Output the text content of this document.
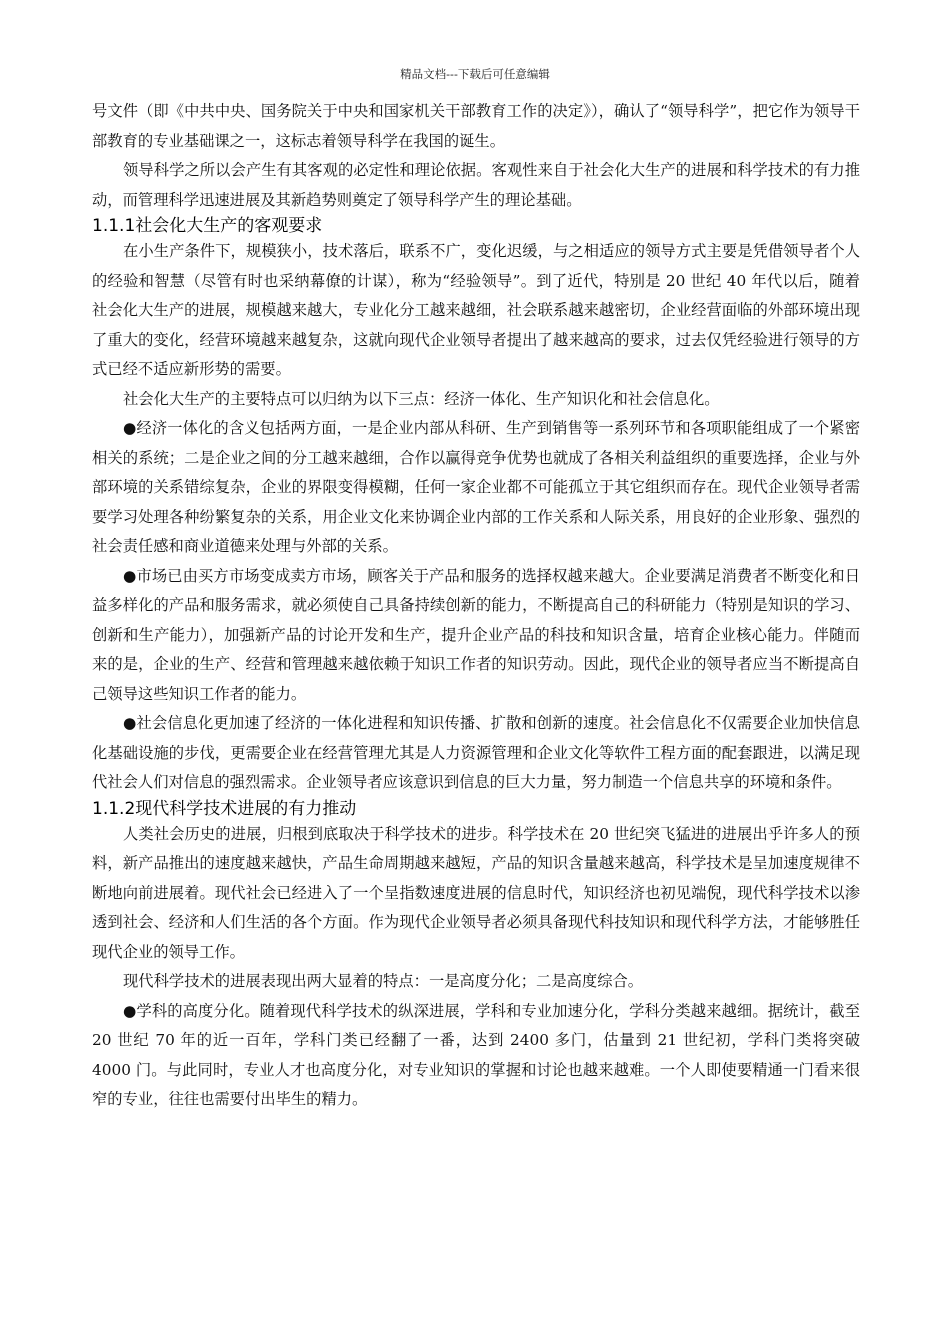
精品文档---下载后可任意编辑

号文件（即《中共中央、国务院关于中央和国家机关干部教育工作的决定》），确认了“领导科学”，把它作为领导干部教育的专业基础课之一，这标志着领导科学在我国的诞生。

领导科学之所以会产生有其客观的必定性和理论依据。客观性来自于社会化大生产的进展和科学技术的有力推动，而管理科学迅速进展及其新趋势则奠定了领导科学产生的理论基础。

1.1.1社会化大生产的客观要求

在小生产条件下，规模狭小，技术落后，联系不广，变化迟缓，与之相适应的领导方式主要是凭借领导者个人的经验和智慧（尽管有时也采纳幕僚的计谋），称为“经验领导”。到了近代，特别是 20 世纪 40 年代以后，随着社会化大生产的进展，规模越来越大，专业化分工越来越细，社会联系越来越密切，企业经营面临的外部环境出现了重大的变化，经营环境越来越复杂，这就向现代企业领导者提出了越来越高的要求，过去仅凭经验进行领导的方式已经不适应新形势的需要。

社会化大生产的主要特点可以归纳为以下三点：经济一体化、生产知识化和社会信息化。

●经济一体化的含义包括两方面，一是企业内部从科研、生产到销售等一系列环节和各项职能组成了一个紧密相关的系统；二是企业之间的分工越来越细，合作以赢得竞争优势也就成了各相关利益组织的重要选择，企业与外部环境的关系错综复杂，企业的界限变得模糊，任何一家企业都不可能孤立于其它组织而存在。现代企业领导者需要学习处理各种纷繁复杂的关系，用企业文化来协调企业内部的工作关系和人际关系，用良好的企业形象、强烈的社会责任感和商业道德来处理与外部的关系。

●市场已由买方市场变成卖方市场，顾客关于产品和服务的选择权越来越大。企业要满足消费者不断变化和日益多样化的产品和服务需求，就必须使自己具备持续创新的能力，不断提高自己的科研能力（特别是知识的学习、创新和生产能力），加强新产品的讨论开发和生产，提升企业产品的科技和知识含量，培育企业核心能力。伴随而来的是，企业的生产、经营和管理越来越依赖于知识工作者的知识劳动。因此，现代企业的领导者应当不断提高自己领导这些知识工作者的能力。

●社会信息化更加速了经济的一体化进程和知识传播、扩散和创新的速度。社会信息化不仅需要企业加快信息化基础设施的步伐，更需要企业在经营管理尤其是人力资源管理和企业文化等软件工程方面的配套跟进，以满足现代社会人们对信息的强烈需求。企业领导者应该意识到信息的巨大力量，努力制造一个信息共享的环境和条件。

1.1.2现代科学技术进展的有力推动

人类社会历史的进展，归根到底取决于科学技术的进步。科学技术在 20 世纪突飞猛进的进展出乎许多人的预料，新产品推出的速度越来越快，产品生命周期越来越短，产品的知识含量越来越高，科学技术是呈加速度规律不断地向前进展着。现代社会已经进入了一个呈指数速度进展的信息时代，知识经济也初见端倪，现代科学技术以渗透到社会、经济和人们生活的各个方面。作为现代企业领导者必须具备现代科技知识和现代科学方法，才能够胜任现代企业的领导工作。

现代科学技术的进展表现出两大显着的特点：一是高度分化；二是高度综合。

●学科的高度分化。随着现代科学技术的纵深进展，学科和专业加速分化，学科分类越来越细。据统计，截至 20 世纪 70 年的近一百年，学科门类已经翻了一番，达到 2400 多门，估量到 21 世纪初，学科门类将突破 4000 门。与此同时，专业人才也高度分化，对专业知识的掌握和讨论也越来越难。一个人即使要精通一门看来很窄的专业，往往也需要付出毕生的精力。
